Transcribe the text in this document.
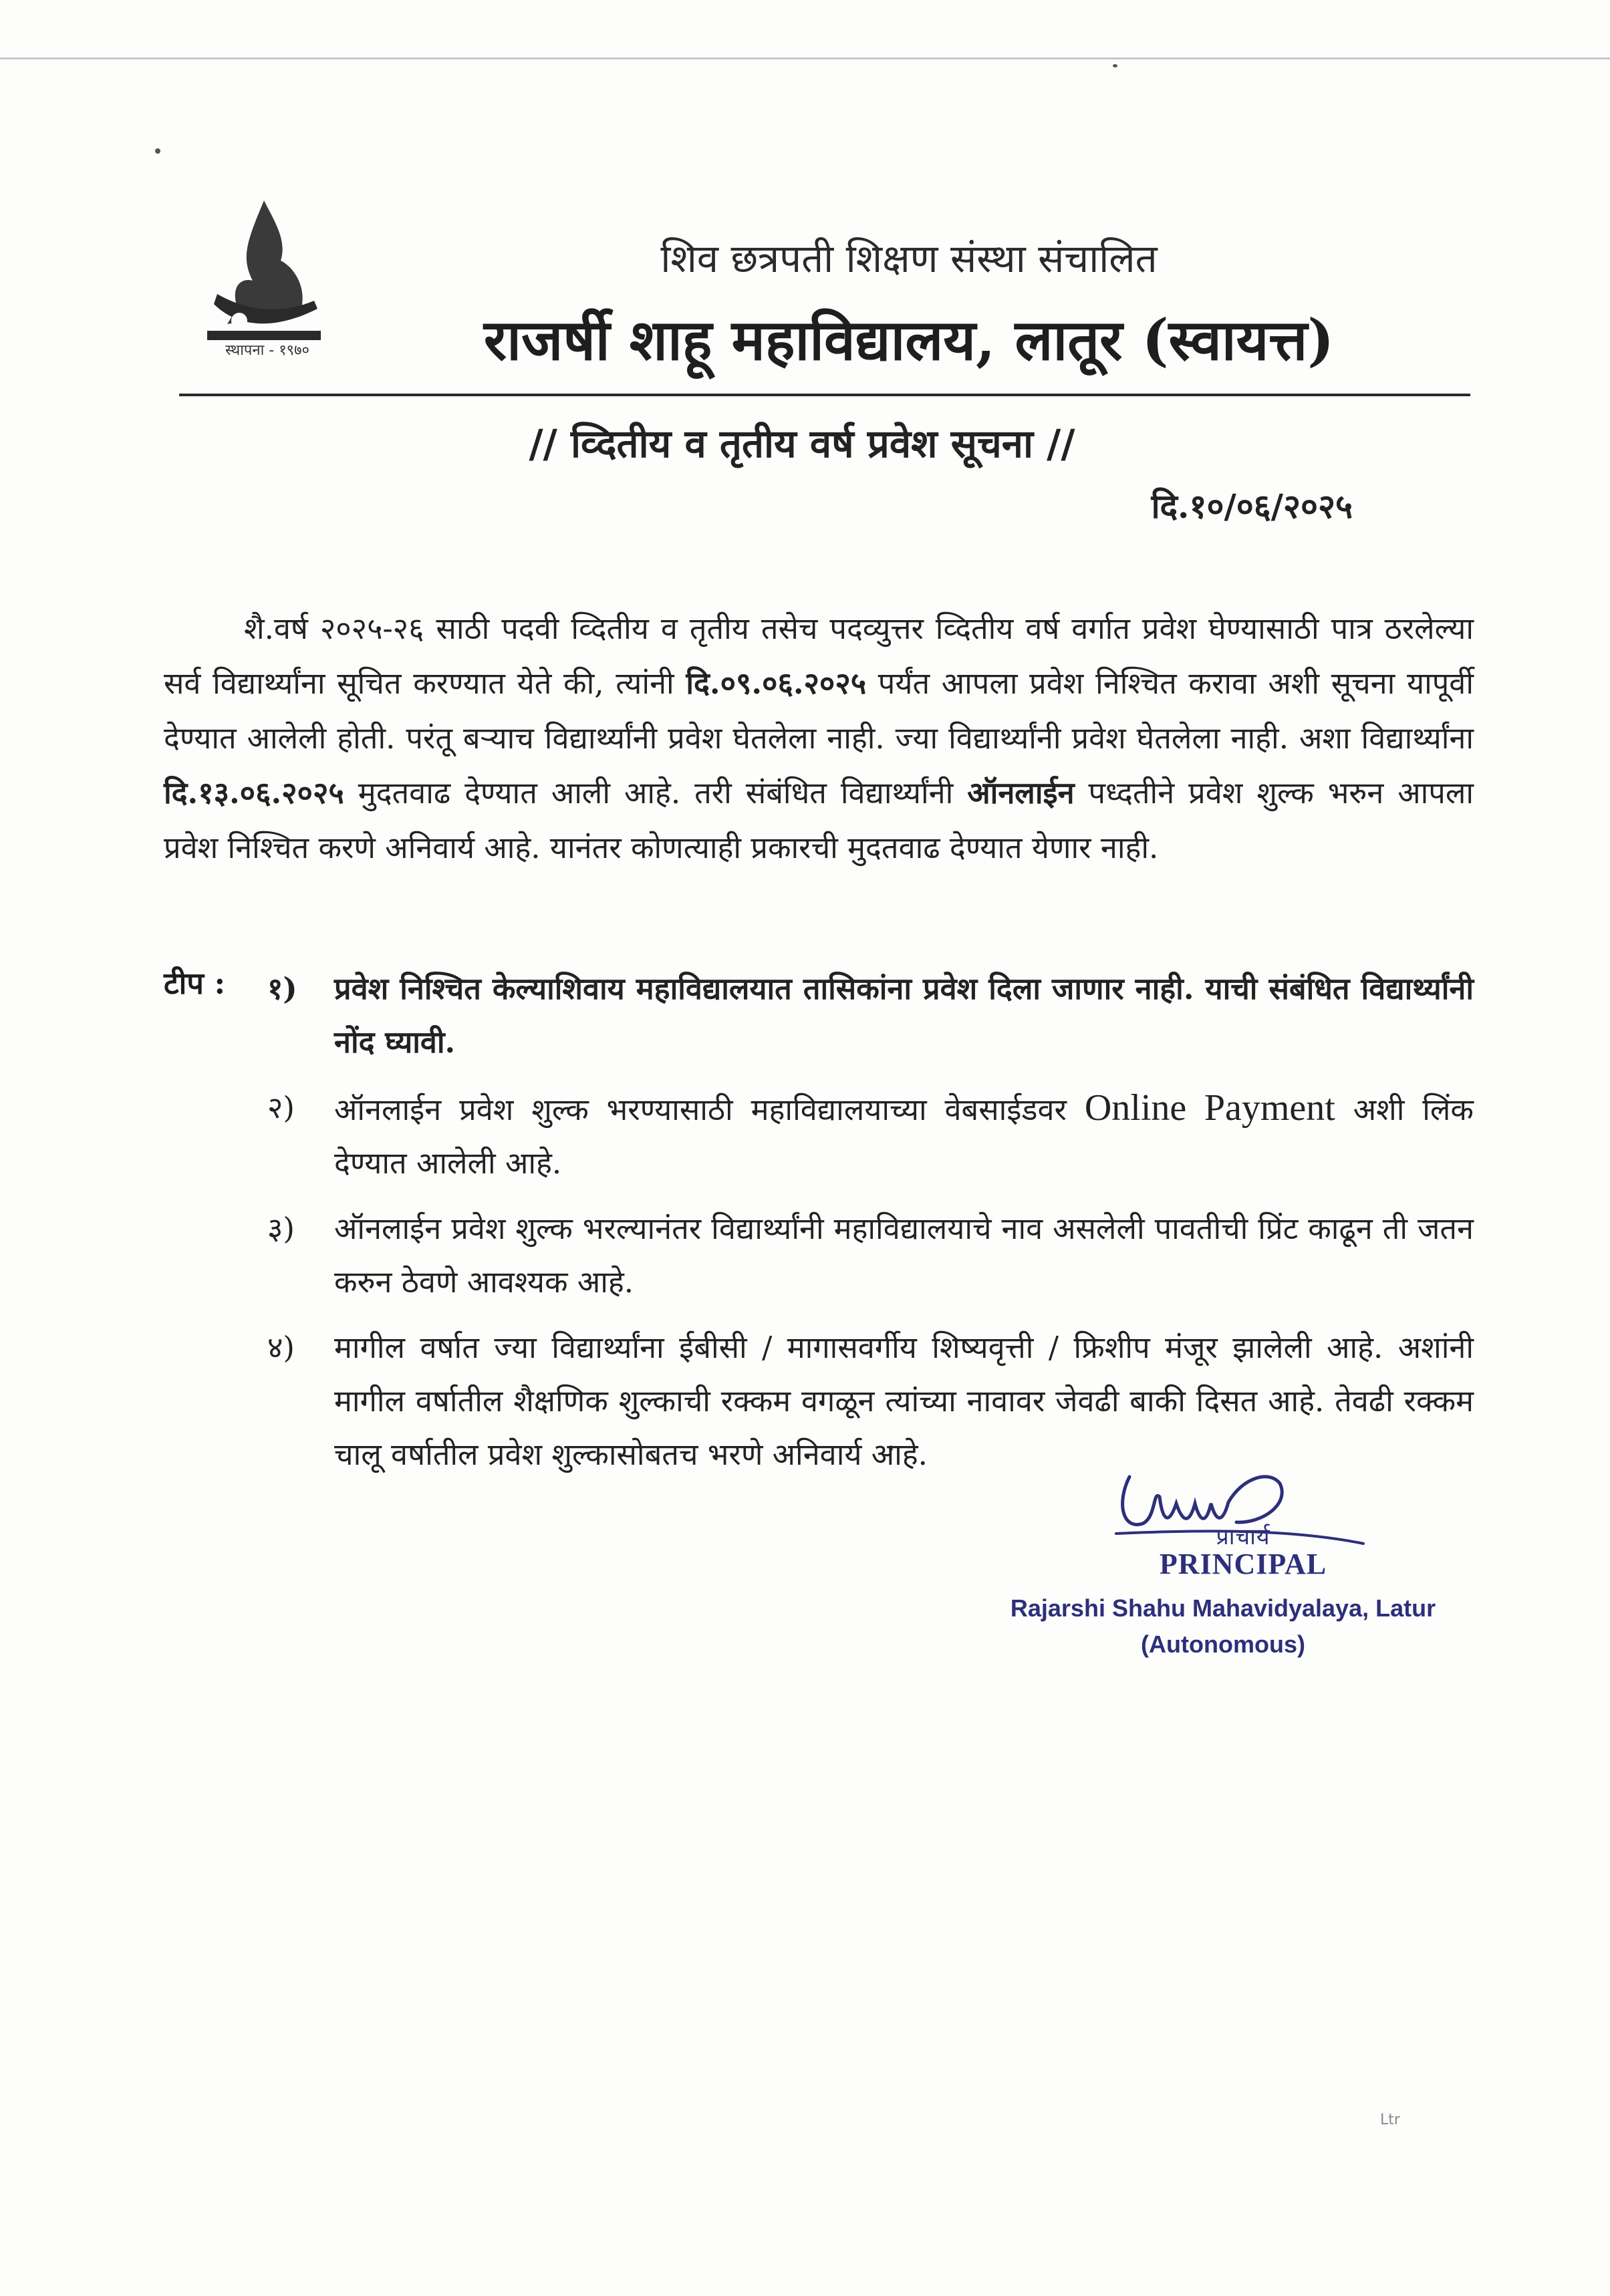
स्थापना - १९७०
शिव छत्रपती शिक्षण संस्था संचालित
राजर्षी शाहू महाविद्यालय, लातूर (स्वायत्त)
// व्दितीय व तृतीय वर्ष प्रवेश सूचना //
दि.१०/०६/२०२५
शै.वर्ष २०२५-२६ साठी पदवी व्दितीय व तृतीय तसेच पदव्युत्तर व्दितीय वर्ष वर्गात प्रवेश घेण्यासाठी पात्र ठरलेल्या सर्व विद्यार्थ्यांना सूचित करण्यात येते की, त्यांनी दि.०९.०६.२०२५ पर्यंत आपला प्रवेश निश्चित करावा अशी सूचना यापूर्वी देण्यात आलेली होती. परंतू बऱ्याच विद्यार्थ्यांनी प्रवेश घेतलेला नाही. ज्या विद्यार्थ्यांनी प्रवेश घेतलेला नाही. अशा विद्यार्थ्यांना दि.१३.०६.२०२५ मुदतवाढ देण्यात आली आहे. तरी संबंधित विद्यार्थ्यांनी ऑनलाईन पध्दतीने प्रवेश शुल्क भरुन आपला प्रवेश निश्चित करणे अनिवार्य आहे. यानंतर कोणत्याही प्रकारची मुदतवाढ देण्यात येणार नाही.
टीप : १) प्रवेश निश्चित केल्याशिवाय महाविद्यालयात तासिकांना प्रवेश दिला जाणार नाही. याची संबंधित विद्यार्थ्यांनी नोंद घ्यावी.
२) ऑनलाईन प्रवेश शुल्क भरण्यासाठी महाविद्यालयाच्या वेबसाईडवर Online Payment अशी लिंक देण्यात आलेली आहे.
३) ऑनलाईन प्रवेश शुल्क भरल्यानंतर विद्यार्थ्यांनी महाविद्यालयाचे नाव असलेली पावतीची प्रिंट काढून ती जतन करुन ठेवणे आवश्यक आहे.
४) मागील वर्षात ज्या विद्यार्थ्यांना ईबीसी / मागासवर्गीय शिष्यवृत्ती / फ्रिशीप मंजूर झालेली आहे. अशांनी मागील वर्षातील शैक्षणिक शुल्काची रक्कम वगळून त्यांच्या नावावर जेवढी बाकी दिसत आहे. तेवढी रक्कम चालू वर्षातील प्रवेश शुल्कासोबतच भरणे अनिवार्य आहे.
प्राचार्य
PRINCIPAL
Rajarshi Shahu Mahavidyalaya, Latur
(Autonomous)
Ltr
